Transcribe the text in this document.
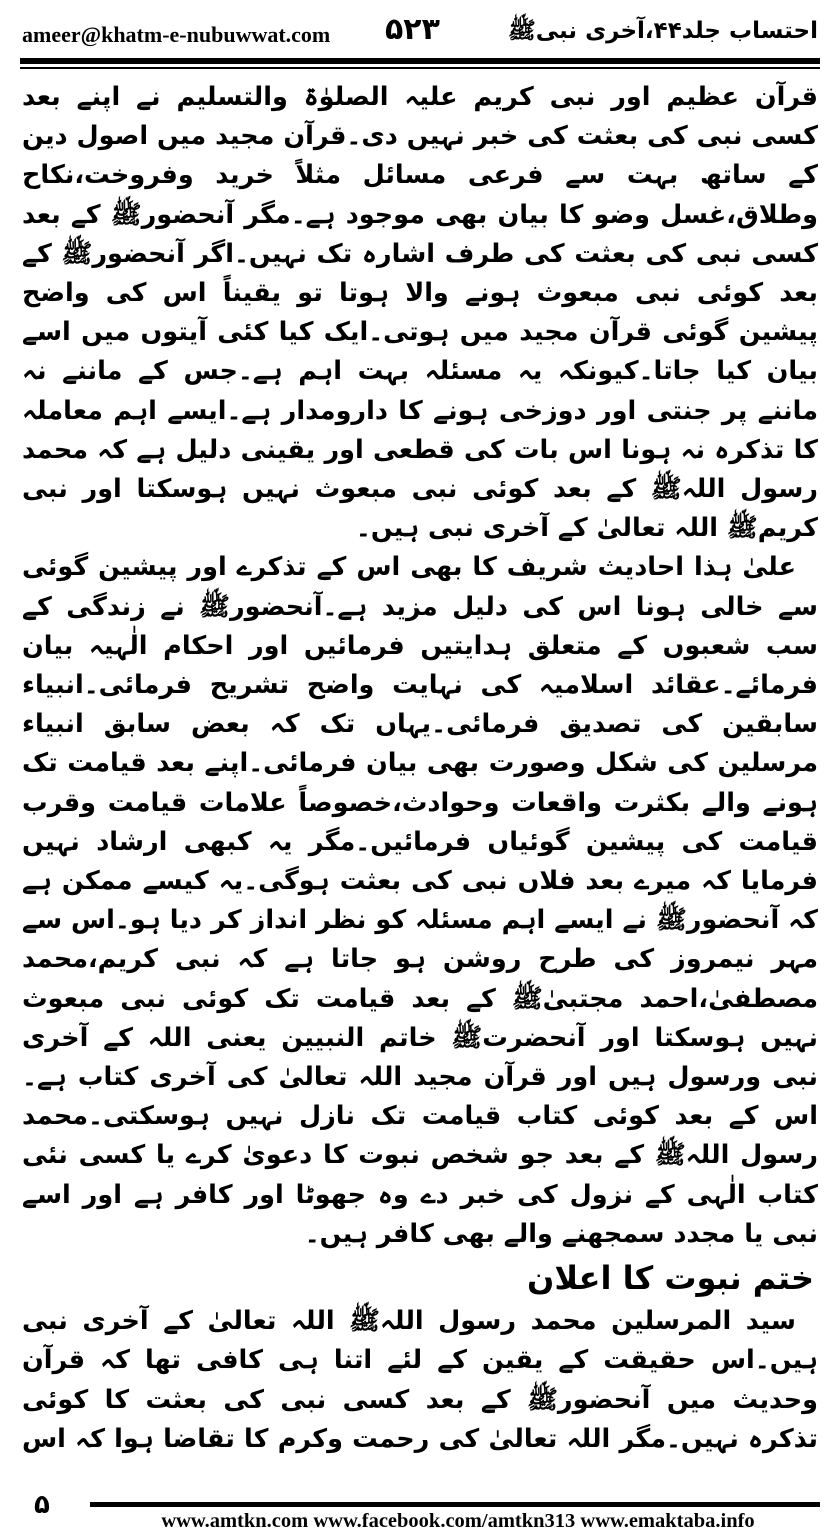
ameer@khatm-e-nubuwwat.com ۵۲۳	احتساب جلد۴۴،آخری نبیﷺ

قرآن عظیم اور نبی کریم علیہ الصلوٰۃ والتسلیم نے اپنے بعد کسی نبی کی بعثت کی خبر نہیں دی۔قرآن مجید میں اصول دین کے ساتھ بہت سے فرعی مسائل مثلاً خرید وفروخت،نکاح وطلاق،غسل وضو کا بیان بھی موجود ہے۔مگر آنحضورﷺ کے بعد کسی نبی کی بعثت کی طرف اشارہ تک نہیں۔اگر آنحضورﷺ کے بعد کوئی نبی مبعوث ہونے والا ہوتا تو یقیناً اس کی واضح پیشین گوئی قرآن مجید میں ہوتی۔ایک کیا کئی آیتوں میں اسے بیان کیا جاتا۔کیونکہ یہ مسئلہ بہت اہم ہے۔جس کے ماننے نہ ماننے پر جنتی اور دوزخی ہونے کا دارومدار ہے۔ایسے اہم معاملہ کا تذکرہ نہ ہونا اس بات کی قطعی اور یقینی دلیل ہے کہ محمد رسول اللہﷺ کے بعد کوئی نبی مبعوث نہیں ہوسکتا اور نبی کریمﷺ اللہ تعالیٰ کے آخری نبی ہیں۔

علیٰ ہذا احادیث شریف کا بھی اس کے تذکرے اور پیشین گوئی سے خالی ہونا اس کی دلیل مزید ہے۔آنحضورﷺ نے زندگی کے سب شعبوں کے متعلق ہدایتیں فرمائیں اور احکام الٰہیہ بیان فرمائے۔عقائد اسلامیہ کی نہایت واضح تشریح فرمائی۔انبیاء سابقین کی تصدیق فرمائی۔یہاں تک کہ بعض سابق انبیاء مرسلین کی شکل وصورت بھی بیان فرمائی۔اپنے بعد قیامت تک ہونے والے بکثرت واقعات وحوادث،خصوصاً علامات قیامت وقرب قیامت کی پیشین گوئیاں فرمائیں۔مگر یہ کبھی ارشاد نہیں فرمایا کہ میرے بعد فلاں نبی کی بعثت ہوگی۔یہ کیسے ممکن ہے کہ آنحضورﷺ نے ایسے اہم مسئلہ کو نظر انداز کر دیا ہو۔اس سے مہر نیمروز کی طرح روشن ہو جاتا ہے کہ نبی کریم،محمد مصطفیٰ،احمد مجتبیٰﷺ کے بعد قیامت تک کوئی نبی مبعوث نہیں ہوسکتا اور آنحضرتﷺ خاتم النبیین یعنی اللہ کے آخری نبی ورسول ہیں اور قرآن مجید اللہ تعالیٰ کی آخری کتاب ہے۔اس کے بعد کوئی کتاب قیامت تک نازل نہیں ہوسکتی۔محمد رسول اللہﷺ کے بعد جو شخص نبوت کا دعویٰ کرے یا کسی نئی کتاب الٰہی کے نزول کی خبر دے وہ جھوٹا اور کافر ہے اور اسے نبی یا مجدد سمجھنے والے بھی کافر ہیں۔

ختم نبوت کا اعلان

سید المرسلین محمد رسول اللہﷺ اللہ تعالیٰ کے آخری نبی ہیں۔اس حقیقت کے یقین کے لئے اتنا ہی کافی تھا کہ قرآن وحدیث میں آنحضورﷺ کے بعد کسی نبی کی بعثت کا کوئی تذکرہ نہیں۔مگر اللہ تعالیٰ کی رحمت وکرم کا تقاضا ہوا کہ اس

۵
www.amtkn.com www.facebook.com/amtkn313 www.emaktaba.info
